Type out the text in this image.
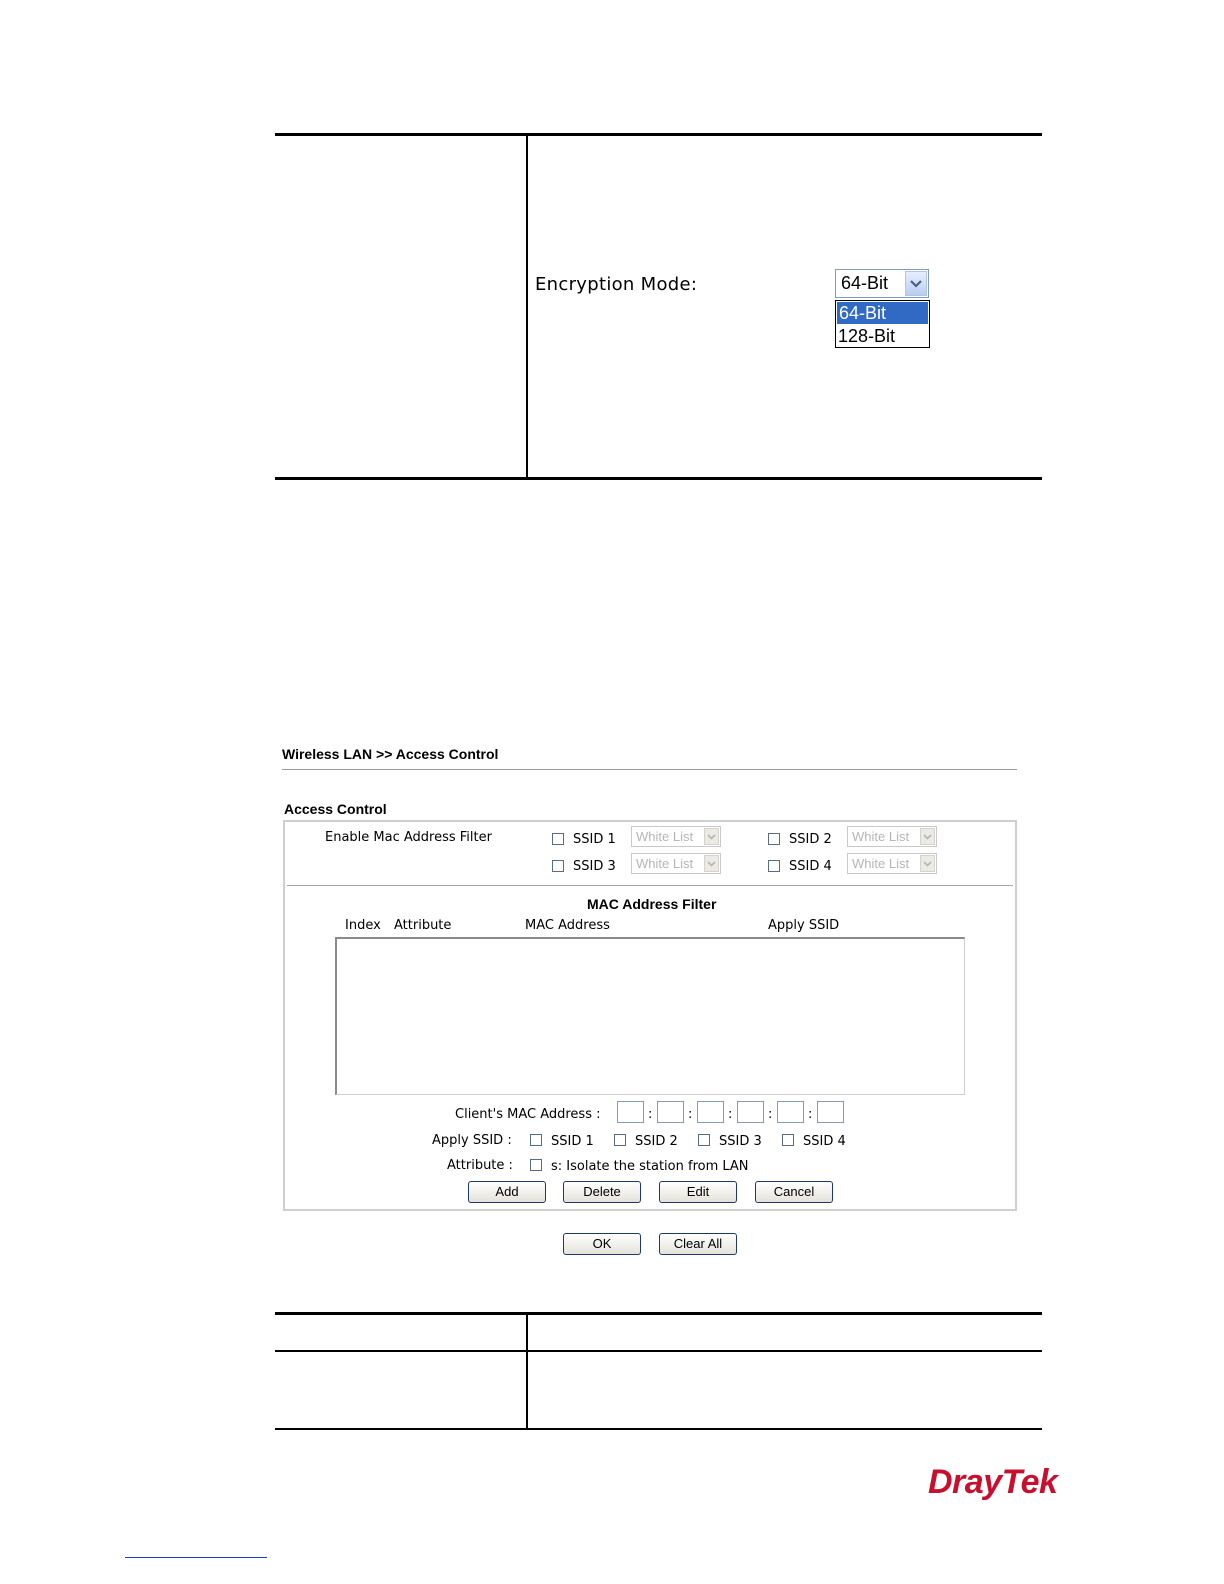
Encryption Mode:	64-Bit
64-Bit
128-Bit
Wireless LAN >> Access Control
Access Control
Enable Mac Address Filter	SSID 1 White List	SSID 2 White List
SSID 3 White List	SSID 4 White List
MAC Address Filter
Index Attribute	MAC Address	Apply SSID
Client's MAC Address :	:	:	:	:	:
Apply SSID :	SSID 1	SSID 2	SSID 3	SSID 4
Attribute :	s: Isolate the station from LAN
Add	Delete	Edit	Cancel
OK	Clear All
DrayTek
